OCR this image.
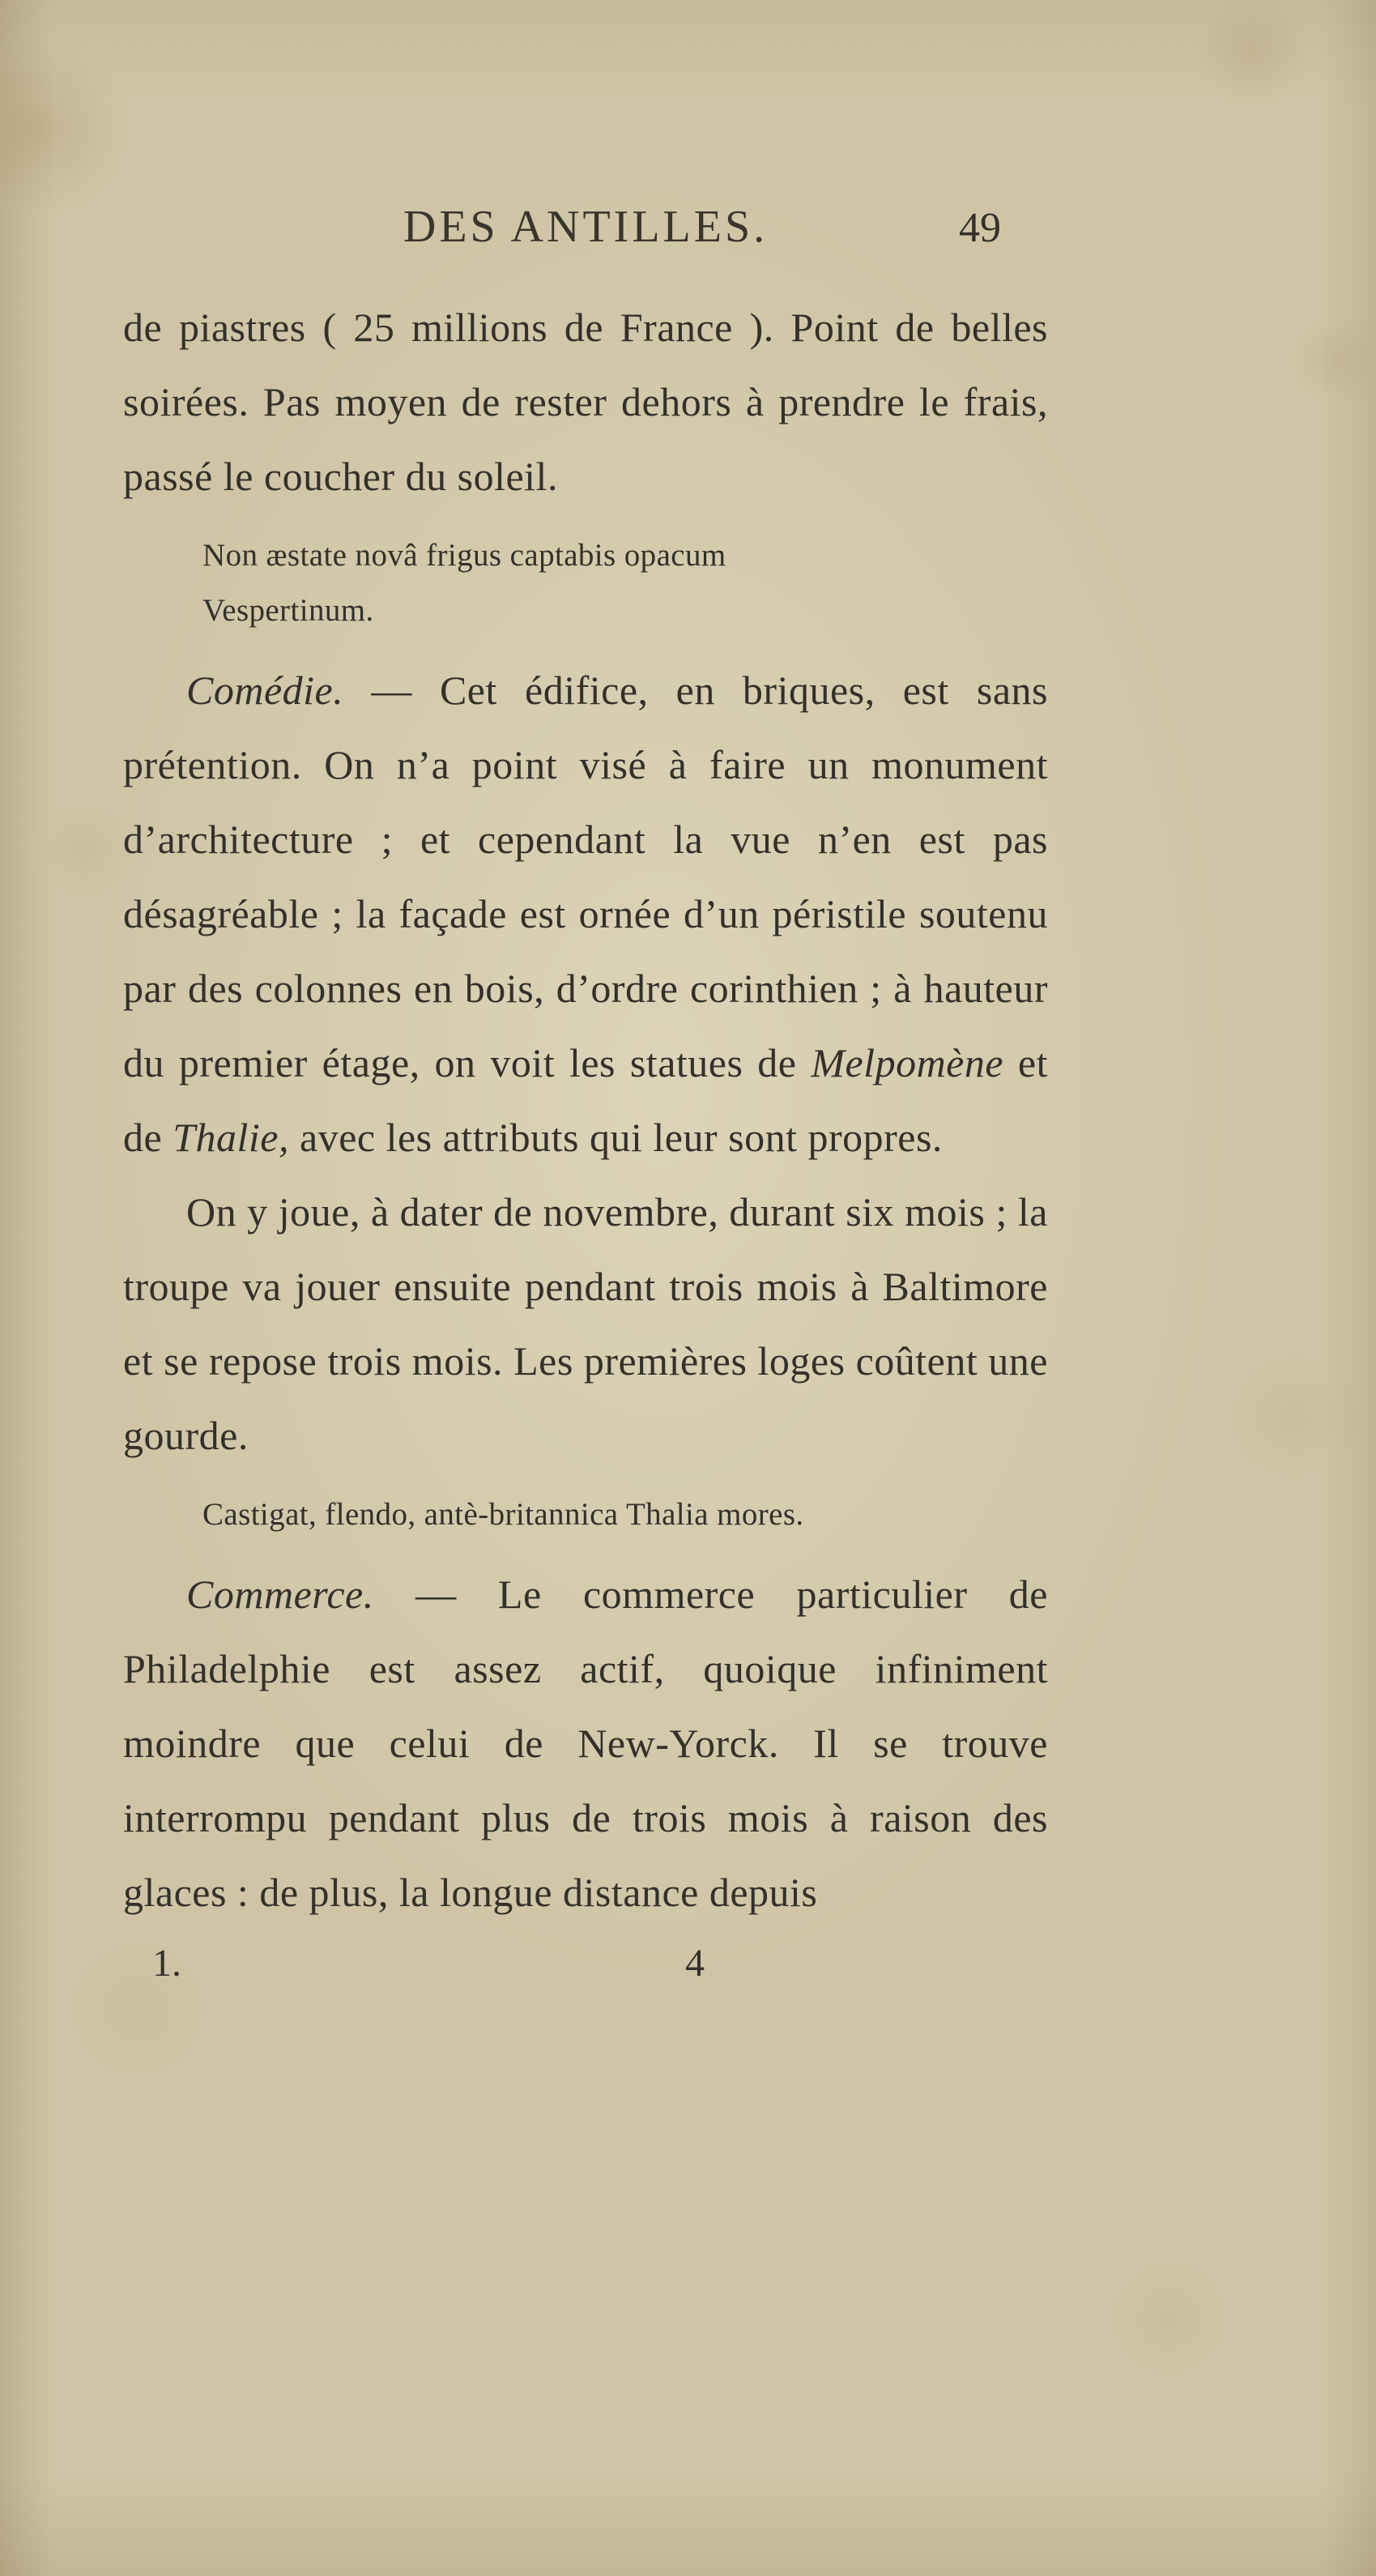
DES ANTILLES.	49

de piastres ( 25 millions de France ). Point de belles soirées. Pas moyen de rester dehors à prendre le frais, passé le coucher du soleil.

Non æstate novâ frigus captabis opacum
Vespertinum.

Comédie. — Cet édifice, en briques, est sans prétention. On n’a point visé à faire un monument d’architecture ; et cependant la vue n’en est pas désagréable ; la façade est ornée d’un péristile soutenu par des colonnes en bois, d’ordre corinthien ; à hauteur du premier étage, on voit les statues de Melpomène et de Thalie, avec les attributs qui leur sont propres.

On y joue, à dater de novembre, durant six mois ; la troupe va jouer ensuite pendant trois mois à Baltimore et se repose trois mois. Les premières loges coûtent une gourde.

Castigat, flendo, antè-britannica Thalia mores.

Commerce. — Le commerce particulier de Philadelphie est assez actif, quoique infiniment moindre que celui de New-Yorck. Il se trouve interrompu pendant plus de trois mois à raison des glaces : de plus, la longue distance depuis

1.	4
